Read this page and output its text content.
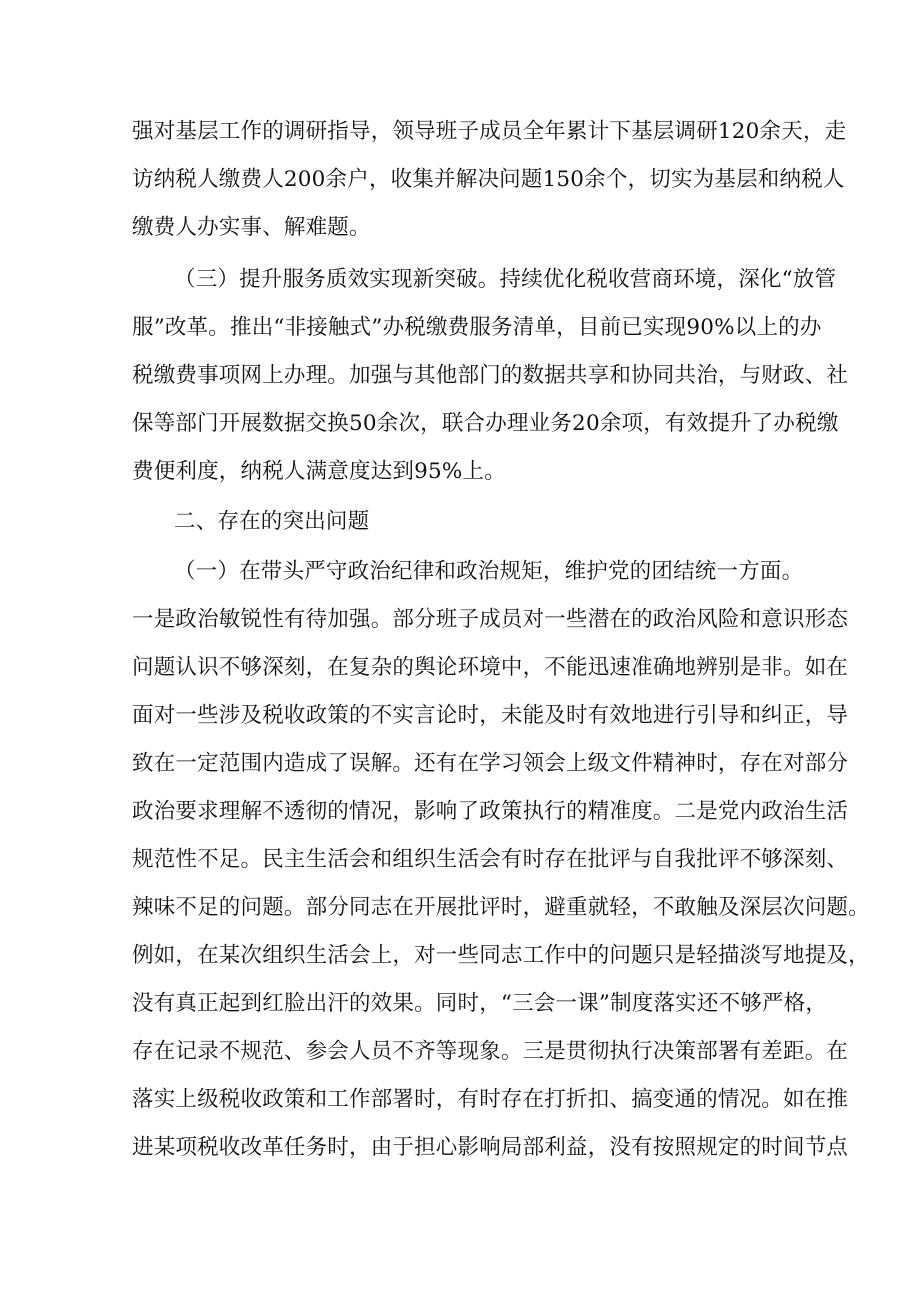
强对基层工作的调研指导，领导班子成员全年累计下基层调研120余天，走
访纳税人缴费人200余户，收集并解决问题150余个，切实为基层和纳税人
缴费人办实事、解难题。
（三）提升服务质效实现新突破。持续优化税收营商环境，深化“放管
服”改革。推出“非接触式”办税缴费服务清单，目前已实现90%以上的办
税缴费事项网上办理。加强与其他部门的数据共享和协同共治，与财政、社
保等部门开展数据交换50余次，联合办理业务20余项，有效提升了办税缴
费便利度，纳税人满意度达到95%上。
二、存在的突出问题
（一）在带头严守政治纪律和政治规矩，维护党的团结统一方面。
一是政治敏锐性有待加强。部分班子成员对一些潜在的政治风险和意识形态
问题认识不够深刻，在复杂的舆论环境中，不能迅速准确地辨别是非。如在
面对一些涉及税收政策的不实言论时，未能及时有效地进行引导和纠正，导
致在一定范围内造成了误解。还有在学习领会上级文件精神时，存在对部分
政治要求理解不透彻的情况，影响了政策执行的精准度。二是党内政治生活
规范性不足。民主生活会和组织生活会有时存在批评与自我批评不够深刻、
辣味不足的问题。部分同志在开展批评时，避重就轻，不敢触及深层次问题。
例如，在某次组织生活会上，对一些同志工作中的问题只是轻描淡写地提及，
没有真正起到红脸出汗的效果。同时，“三会一课”制度落实还不够严格，
存在记录不规范、参会人员不齐等现象。三是贯彻执行决策部署有差距。在
落实上级税收政策和工作部署时，有时存在打折扣、搞变通的情况。如在推
进某项税收改革任务时，由于担心影响局部利益，没有按照规定的时间节点
